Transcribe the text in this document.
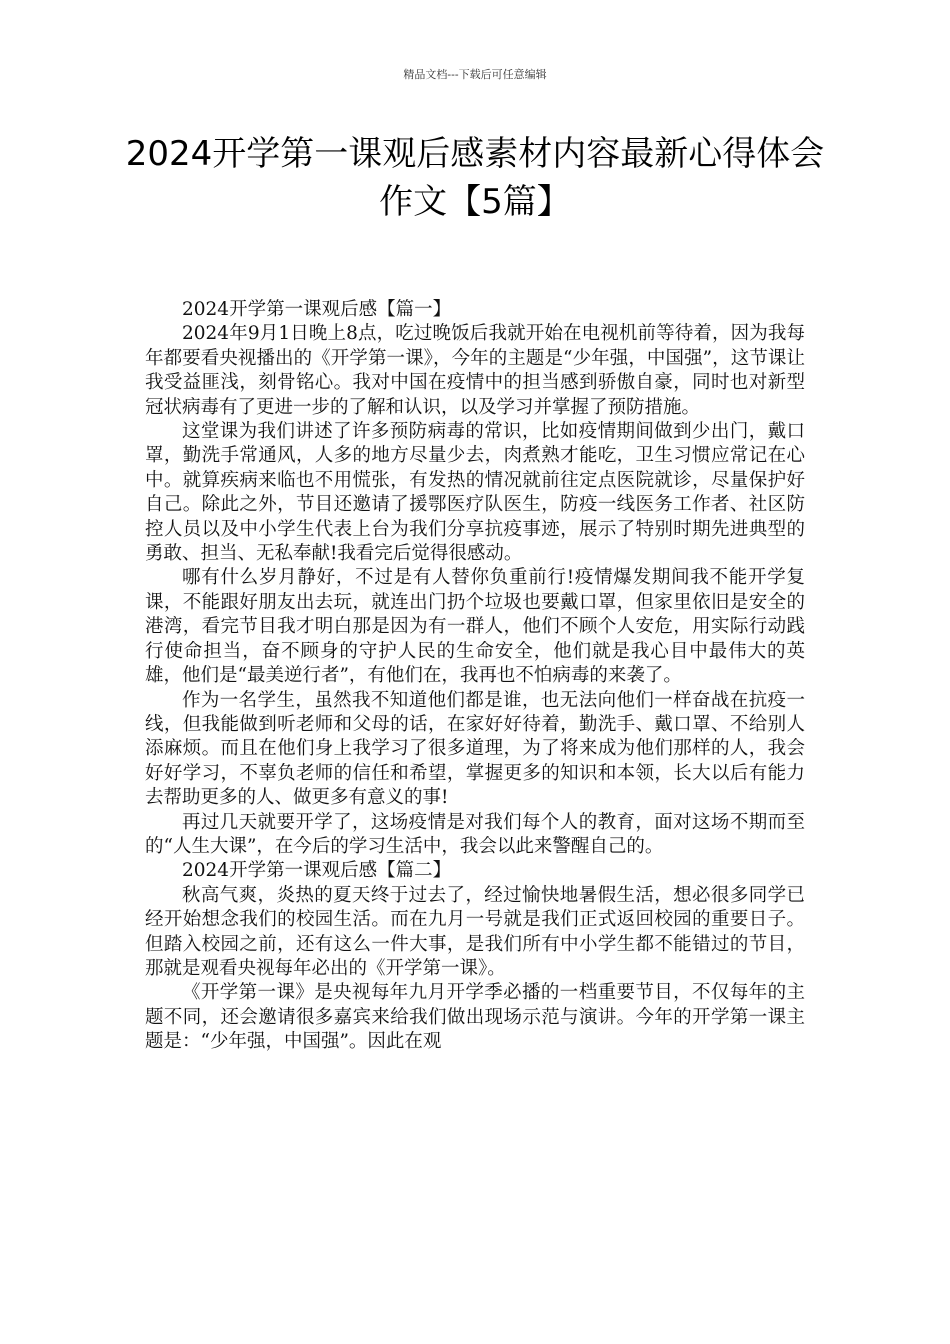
精品文档---下载后可任意编辑
2024开学第一课观后感素材内容最新心得体会作文【5篇】

2024开学第一课观后感【篇一】

2024年9月1日晚上8点，吃过晚饭后我就开始在电视机前等待着，因为我每年都要看央视播出的《开学第一课》，今年的主题是“少年强，中国强”，这节课让我受益匪浅，刻骨铭心。我对中国在疫情中的担当感到骄傲自豪，同时也对新型冠状病毒有了更进一步的了解和认识，以及学习并掌握了预防措施。

这堂课为我们讲述了许多预防病毒的常识，比如疫情期间做到少出门，戴口罩，勤洗手常通风，人多的地方尽量少去，肉煮熟才能吃，卫生习惯应常记在心中。就算疾病来临也不用慌张，有发热的情况就前往定点医院就诊，尽量保护好自己。除此之外，节目还邀请了援鄂医疗队医生，防疫一线医务工作者、社区防控人员以及中小学生代表上台为我们分享抗疫事迹，展示了特别时期先进典型的勇敢、担当、无私奉献!我看完后觉得很感动。

哪有什么岁月静好，不过是有人替你负重前行!疫情爆发期间我不能开学复课，不能跟好朋友出去玩，就连出门扔个垃圾也要戴口罩，但家里依旧是安全的港湾，看完节目我才明白那是因为有一群人，他们不顾个人安危，用实际行动践行使命担当，奋不顾身的守护人民的生命安全，他们就是我心目中最伟大的英雄，他们是“最美逆行者”，有他们在，我再也不怕病毒的来袭了。

作为一名学生，虽然我不知道他们都是谁，也无法向他们一样奋战在抗疫一线，但我能做到听老师和父母的话，在家好好待着，勤洗手、戴口罩、不给别人添麻烦。而且在他们身上我学习了很多道理，为了将来成为他们那样的人，我会好好学习，不辜负老师的信任和希望，掌握更多的知识和本领，长大以后有能力去帮助更多的人、做更多有意义的事!

再过几天就要开学了，这场疫情是对我们每个人的教育，面对这场不期而至的“人生大课”，在今后的学习生活中，我会以此来警醒自己的。

2024开学第一课观后感【篇二】

秋高气爽，炎热的夏天终于过去了，经过愉快地暑假生活，想必很多同学已经开始想念我们的校园生活。而在九月一号就是我们正式返回校园的重要日子。但踏入校园之前，还有这么一件大事，是我们所有中小学生都不能错过的节目，那就是观看央视每年必出的《开学第一课》。

《开学第一课》是央视每年九月开学季必播的一档重要节目，不仅每年的主题不同，还会邀请很多嘉宾来给我们做出现场示范与演讲。今年的开学第一课主题是：“少年强，中国强”。因此在观
